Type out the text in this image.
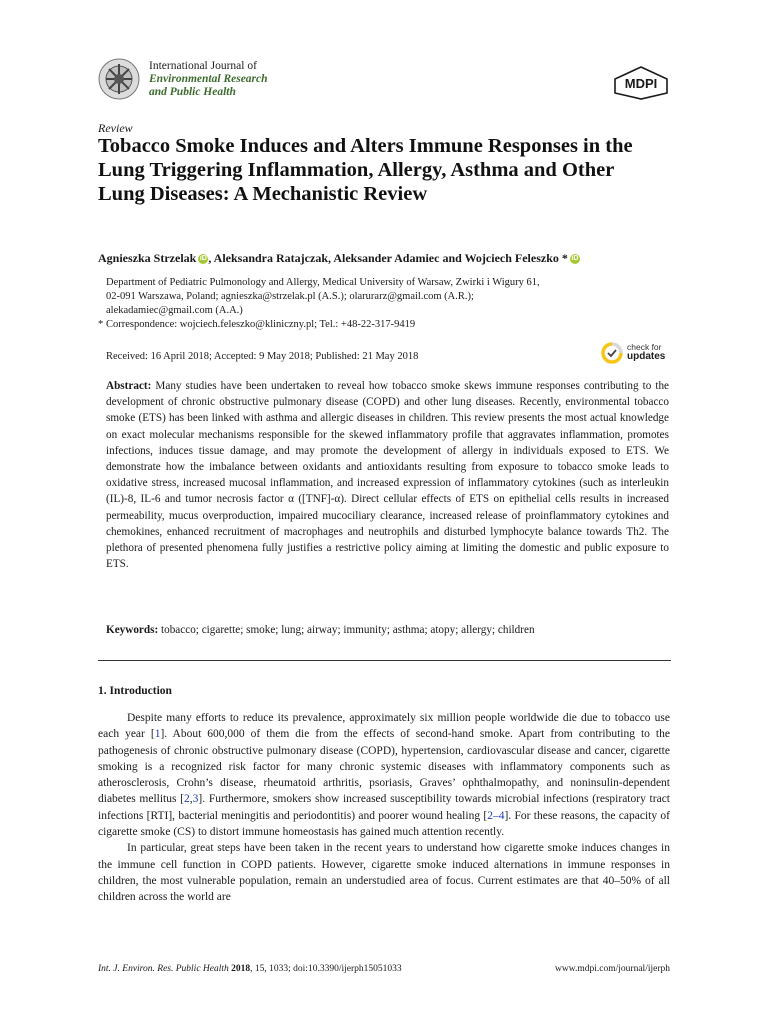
International Journal of
Environmental Research
and Public Health
MDPI
Review
Tobacco Smoke Induces and Alters Immune Responses in the Lung Triggering Inflammation, Allergy, Asthma and Other Lung Diseases: A Mechanistic Review
Agnieszka Strzelak iD , Aleksandra Ratajczak, Aleksander Adamiec and Wojciech Feleszko * iD
Department of Pediatric Pulmonology and Allergy, Medical University of Warsaw, Zwirki i Wigury 61,
02-091 Warszawa, Poland; agnieszka@strzelak.pl (A.S.); olarurarz@gmail.com (A.R.);
alekadamiec@gmail.com (A.A.)
* Correspondence: wojciech.feleszko@kliniczny.pl; Tel.: +48-22-317-9419
Received: 16 April 2018; Accepted: 9 May 2018; Published: 21 May 2018
check for
updates

Abstract: Many studies have been undertaken to reveal how tobacco smoke skews immune responses contributing to the development of chronic obstructive pulmonary disease (COPD) and other lung diseases. Recently, environmental tobacco smoke (ETS) has been linked with asthma and allergic diseases in children. This review presents the most actual knowledge on exact molecular mechanisms responsible for the skewed inflammatory profile that aggravates inflammation, promotes infections, induces tissue damage, and may promote the development of allergy in individuals exposed to ETS. We demonstrate how the imbalance between oxidants and antioxidants resulting from exposure to tobacco smoke leads to oxidative stress, increased mucosal inflammation, and increased expression of inflammatory cytokines (such as interleukin (IL)-8, IL-6 and tumor necrosis factor α ([TNF]-α). Direct cellular effects of ETS on epithelial cells results in increased permeability, mucus overproduction, impaired mucociliary clearance, increased release of proinflammatory cytokines and chemokines, enhanced recruitment of macrophages and neutrophils and disturbed lymphocyte balance towards Th2. The plethora of presented phenomena fully justifies a restrictive policy aiming at limiting the domestic and public exposure to ETS.

Keywords: tobacco; cigarette; smoke; lung; airway; immunity; asthma; atopy; allergy; children
1. Introduction

Despite many efforts to reduce its prevalence, approximately six million people worldwide die due to tobacco use each year [1]. About 600,000 of them die from the effects of second-hand smoke. Apart from contributing to the pathogenesis of chronic obstructive pulmonary disease (COPD), hypertension, cardiovascular disease and cancer, cigarette smoking is a recognized risk factor for many chronic systemic diseases with inflammatory components such as atherosclerosis, Crohn’s disease, rheumatoid arthritis, psoriasis, Graves’ ophthalmopathy, and noninsulin-dependent diabetes mellitus [2,3]. Furthermore, smokers show increased susceptibility towards microbial infections (respiratory tract infections [RTI], bacterial meningitis and periodontitis) and poorer wound healing [2–4]. For these reasons, the capacity of cigarette smoke (CS) to distort immune homeostasis has gained much attention recently.

In particular, great steps have been taken in the recent years to understand how cigarette smoke induces changes in the immune cell function in COPD patients. However, cigarette smoke induced alternations in immune responses in children, the most vulnerable population, remain an understudied area of focus. Current estimates are that 40–50% of all children across the world are

Int. J. Environ. Res. Public Health 2018, 15, 1033; doi:10.3390/ijerph15051033	www.mdpi.com/journal/ijerph
